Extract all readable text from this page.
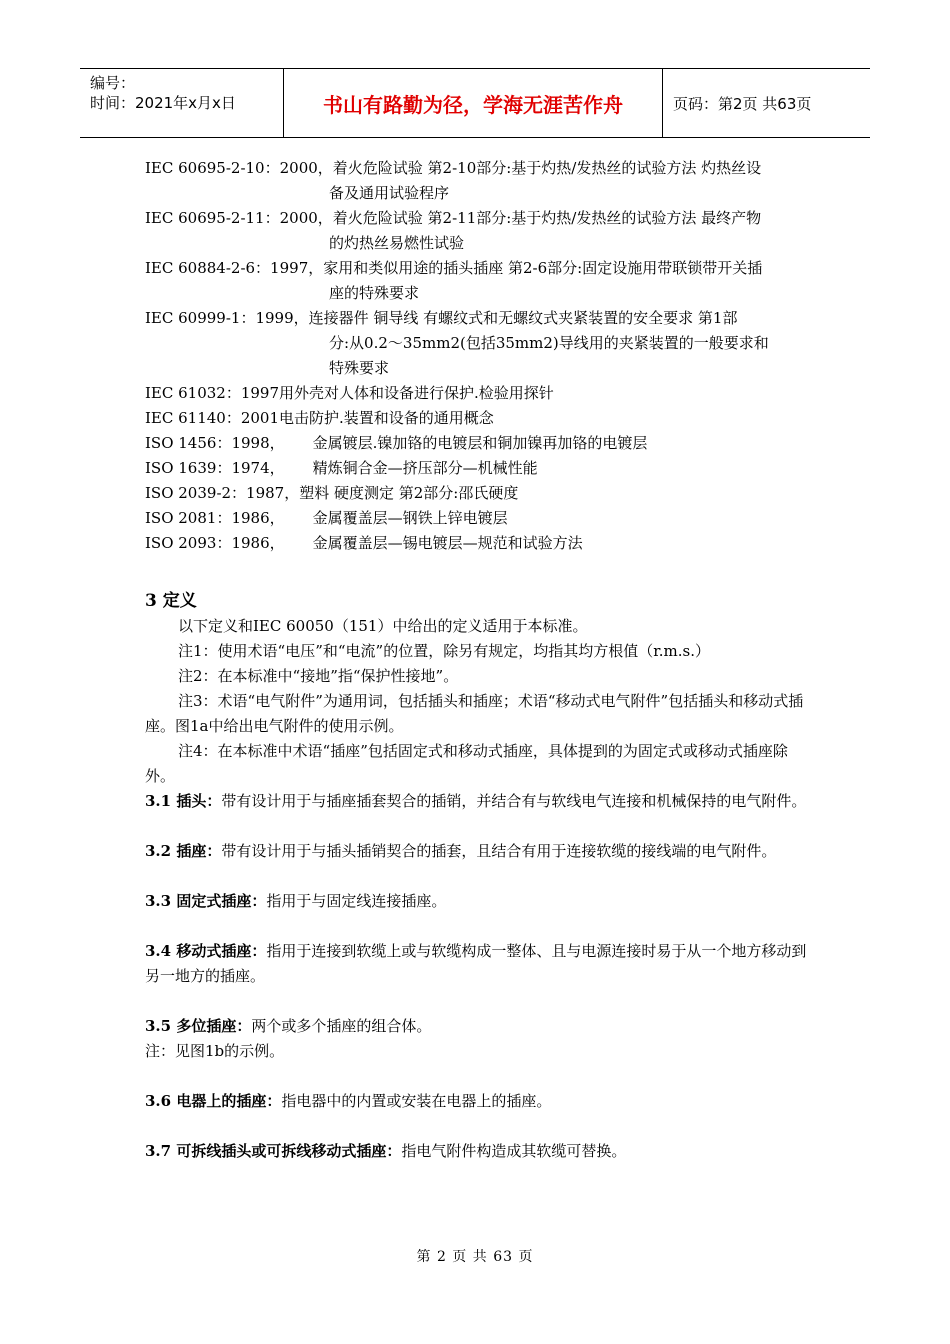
编号：
时间：2021年x月x日	书山有路勤为径，学海无涯苦作舟	页码：第2页 共63页
IEC 60695-2-10：2000，着火危险试验 第2-10部分:基于灼热/发热丝的试验方法 灼热丝设
备及通用试验程序
IEC 60695-2-11：2000，着火危险试验 第2-11部分:基于灼热/发热丝的试验方法 最终产物
的灼热丝易燃性试验
IEC 60884-2-6：1997，家用和类似用途的插头插座 第2-6部分:固定设施用带联锁带开关插
座的特殊要求
IEC 60999-1：1999，连接器件 铜导线 有螺纹式和无螺纹式夹紧装置的安全要求 第1部
分:从0.2～35mm2(包括35mm2)导线用的夹紧装置的一般要求和
特殊要求
IEC 61032：1997用外壳对人体和设备进行保护.检验用探针
IEC 61140：2001电击防护.装置和设备的通用概念
ISO 1456：1998， 金属镀层.镍加铬的电镀层和铜加镍再加铬的电镀层
ISO 1639：1974， 精炼铜合金—挤压部分—机械性能
ISO 2039-2：1987，塑料 硬度测定 第2部分:邵氏硬度
ISO 2081：1986， 金属覆盖层—钢铁上锌电镀层
ISO 2093：1986， 金属覆盖层—锡电镀层—规范和试验方法
3 定义
以下定义和IEC 60050（151）中给出的定义适用于本标准。
注1：使用术语“电压”和“电流”的位置，除另有规定，均指其均方根值（r.m.s.）
注2：在本标准中“接地”指“保护性接地”。
注3：术语“电气附件”为通用词，包括插头和插座；术语“移动式电气附件”包括插头和移动式插座。图1a中给出电气附件的使用示例。
注4：在本标准中术语“插座”包括固定式和移动式插座，具体提到的为固定式或移动式插座除外。
3.1 插头：带有设计用于与插座插套契合的插销，并结合有与软线电气连接和机械保持的电气附件。
3.2 插座：带有设计用于与插头插销契合的插套，且结合有用于连接软缆的接线端的电气附件。
3.3 固定式插座：指用于与固定线连接插座。
3.4 移动式插座：指用于连接到软缆上或与软缆构成一整体、且与电源连接时易于从一个地方移动到另一地方的插座。
3.5 多位插座：两个或多个插座的组合体。
注：见图1b的示例。
3.6 电器上的插座：指电器中的内置或安装在电器上的插座。
3.7 可拆线插头或可拆线移动式插座：指电气附件构造成其软缆可替换。
第 2 页 共 63 页
